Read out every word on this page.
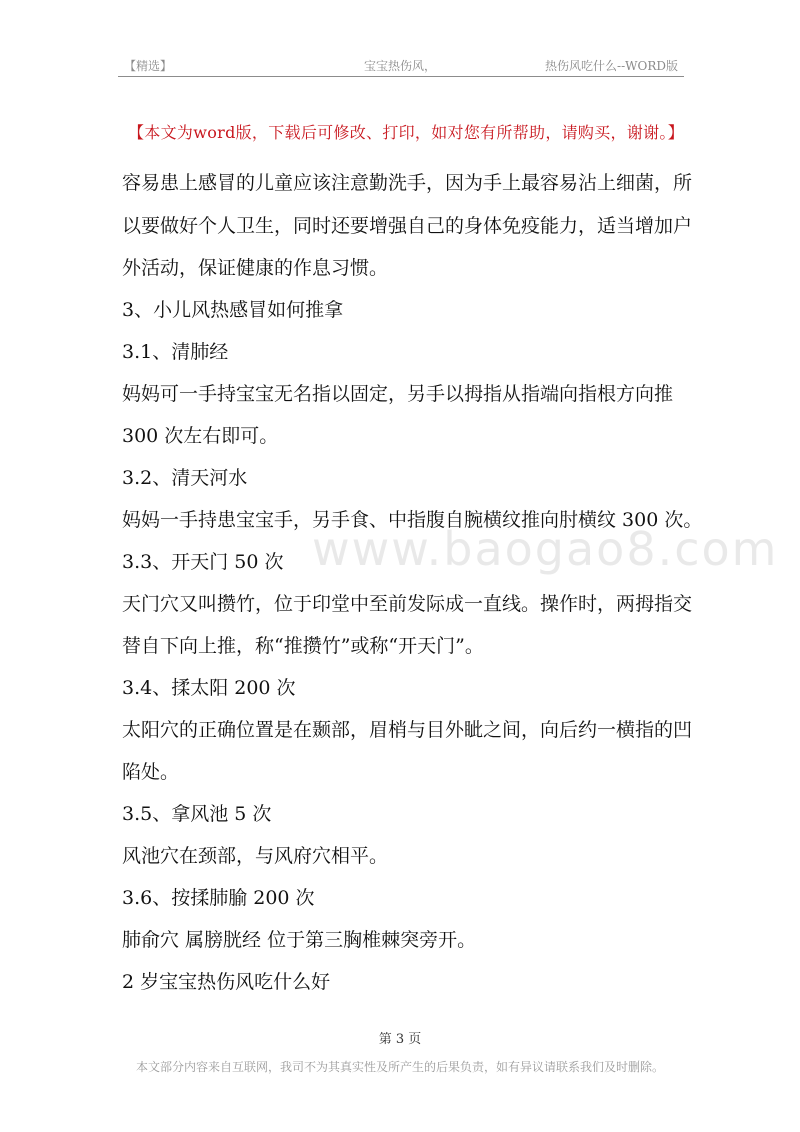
【精选】	宝宝热伤风，	热伤风吃什么--WORD版
【本文为word版，下载后可修改、打印，如对您有所帮助，请购买，谢谢。】
www.baogao8.com
容易患上感冒的儿童应该注意勤洗手，因为手上最容易沾上细菌，所
以要做好个人卫生，同时还要增强自己的身体免疫能力，适当增加户
外活动，保证健康的作息习惯。
3、小儿风热感冒如何推拿
3.1、清肺经
妈妈可一手持宝宝无名指以固定，另手以拇指从指端向指根方向推
300 次左右即可。
3.2、清天河水
妈妈一手持患宝宝手，另手食、中指腹自腕横纹推向肘横纹 300 次。
3.3、开天门 50 次
天门穴又叫攒竹，位于印堂中至前发际成一直线。操作时，两拇指交
替自下向上推，称“推攒竹”或称“开天门”。
3.4、揉太阳 200 次
太阳穴的正确位置是在颞部，眉梢与目外眦之间，向后约一横指的凹
陷处。
3.5、拿风池 5 次
风池穴在颈部，与风府穴相平。
3.6、按揉肺腧 200 次
肺俞穴 属膀胱经 位于第三胸椎棘突旁开。
2 岁宝宝热伤风吃什么好
第 3 页
本文部分内容来自互联网，我司不为其真实性及所产生的后果负责，如有异议请联系我们及时删除。
